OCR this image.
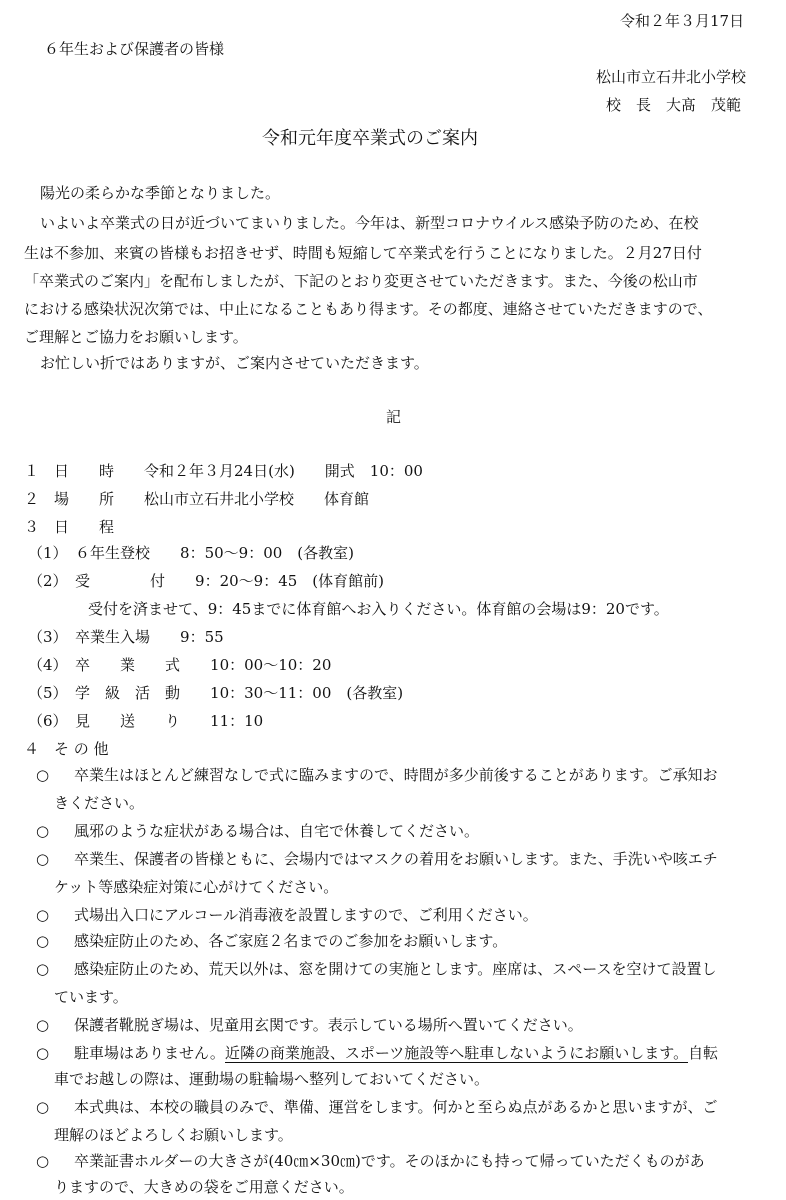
令和２年３月17日
６年生および保護者の皆様
松山市立石井北小学校
校　長　大髙　茂範
令和元年度卒業式のご案内
陽光の柔らかな季節となりました。
いよいよ卒業式の日が近づいてまいりました。今年は、新型コロナウイルス感染予防のため、在校
生は不参加、来賓の皆様もお招きせず、時間も短縮して卒業式を行うことになりました。２月27日付
「卒業式のご案内」を配布しましたが、下記のとおり変更させていただきます。また、今後の松山市
における感染状況次第では、中止になることもあり得ます。その都度、連絡させていただきますので、
ご理解とご協力をお願いします。
お忙しい折ではありますが、ご案内させていただきます。
記
１　日　　時　　令和２年３月24日(水)　　開式　10：00
２　場　　所　　松山市立石井北小学校　　体育館
３　日　　程
（1）　６年生登校　　8：50～9：00　(各教室)
（2）　受　　　　付　　9：20～9：45　(体育館前)
受付を済ませて、9：45までに体育館へお入りください。体育館の会場は9：20です。
（3）　卒業生入場　　9：55
（4）　卒　　業　　式　　10：00～10：20
（5）　学　級　活　動　　10：30～11：00　(各教室)
（6）　見　　送　　り　　11：10
４　そ の 他
○ 卒業生はほとんど練習なしで式に臨みますので、時間が多少前後することがあります。ご承知お
きください。
○ 風邪のような症状がある場合は、自宅で休養してください。
○ 卒業生、保護者の皆様ともに、会場内ではマスクの着用をお願いします。また、手洗いや咳エチ
ケット等感染症対策に心がけてください。
○ 式場出入口にアルコール消毒液を設置しますので、ご利用ください。
○ 感染症防止のため、各ご家庭２名までのご参加をお願いします。
○ 感染症防止のため、荒天以外は、窓を開けての実施とします。座席は、スペースを空けて設置し
ています。
○ 保護者靴脱ぎ場は、児童用玄関です。表示している場所へ置いてください。
○ 駐車場はありません。近隣の商業施設、スポーツ施設等へ駐車しないようにお願いします。自転
車でお越しの際は、運動場の駐輪場へ整列しておいてください。
○ 本式典は、本校の職員のみで、準備、運営をします。何かと至らぬ点があるかと思いますが、ご
理解のほどよろしくお願いします。
○ 卒業証書ホルダーの大きさが(40㎝×30㎝)です。そのほかにも持って帰っていただくものがあ
りますので、大きめの袋をご用意ください。
